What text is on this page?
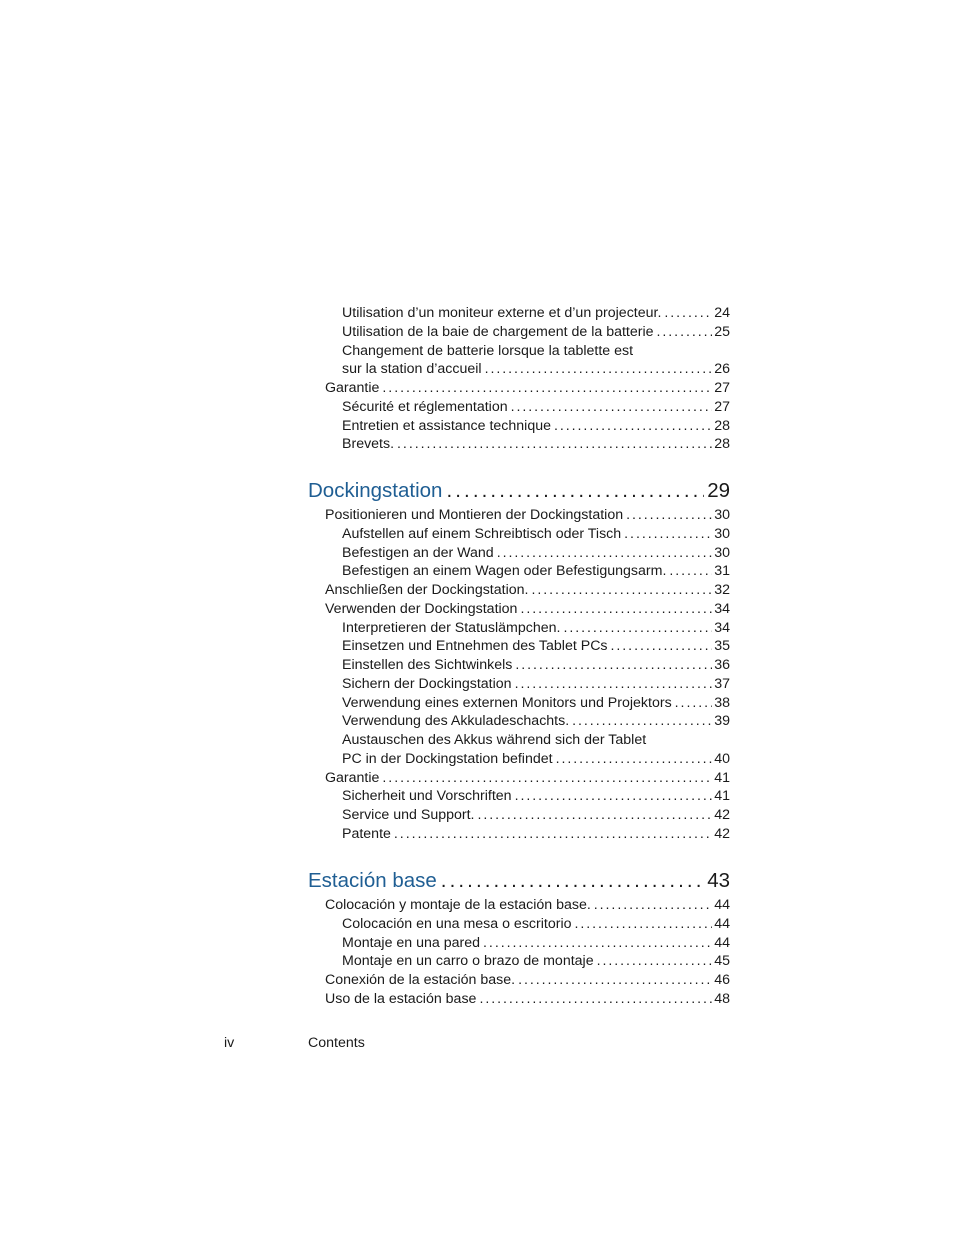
Utilisation d’un moniteur externe et d’un projecteur. . . .	24
Utilisation de la baie de chargement de la batterie . . .	25
Changement de batterie lorsque la tablette est
sur la station d’accueil . . .	26
Garantie . . .	27
Sécurité et réglementation . . .	27
Entretien et assistance technique . . .	28
Brevets. . . .	28
Dockingstation . . .	29
Positionieren und Montieren der Dockingstation . . .	30
Aufstellen auf einem Schreibtisch oder Tisch . . .	30
Befestigen an der Wand . . .	30
Befestigen an einem Wagen oder Befestigungsarm. . . .	31
Anschließen der Dockingstation. . . .	32
Verwenden der Dockingstation . . .	34
Interpretieren der Statuslämpchen. . . .	34
Einsetzen und Entnehmen des Tablet PCs . . .	35
Einstellen des Sichtwinkels . . .	36
Sichern der Dockingstation . . .	37
Verwendung eines externen Monitors und Projektors . . .	38
Verwendung des Akkuladeschachts. . . .	39
Austauschen des Akkus während sich der Tablet
PC in der Dockingstation befindet . . .	40
Garantie . . .	41
Sicherheit und Vorschriften . . .	41
Service und Support. . . .	42
Patente . . .	42
Estación base . . .	43
Colocación y montaje de la estación base. . . .	44
Colocación en una mesa o escritorio . . .	44
Montaje en una pared . . .	44
Montaje en un carro o brazo de montaje . . .	45
Conexión de la estación base. . . .	46
Uso de la estación base . . .	48
iv	Contents
